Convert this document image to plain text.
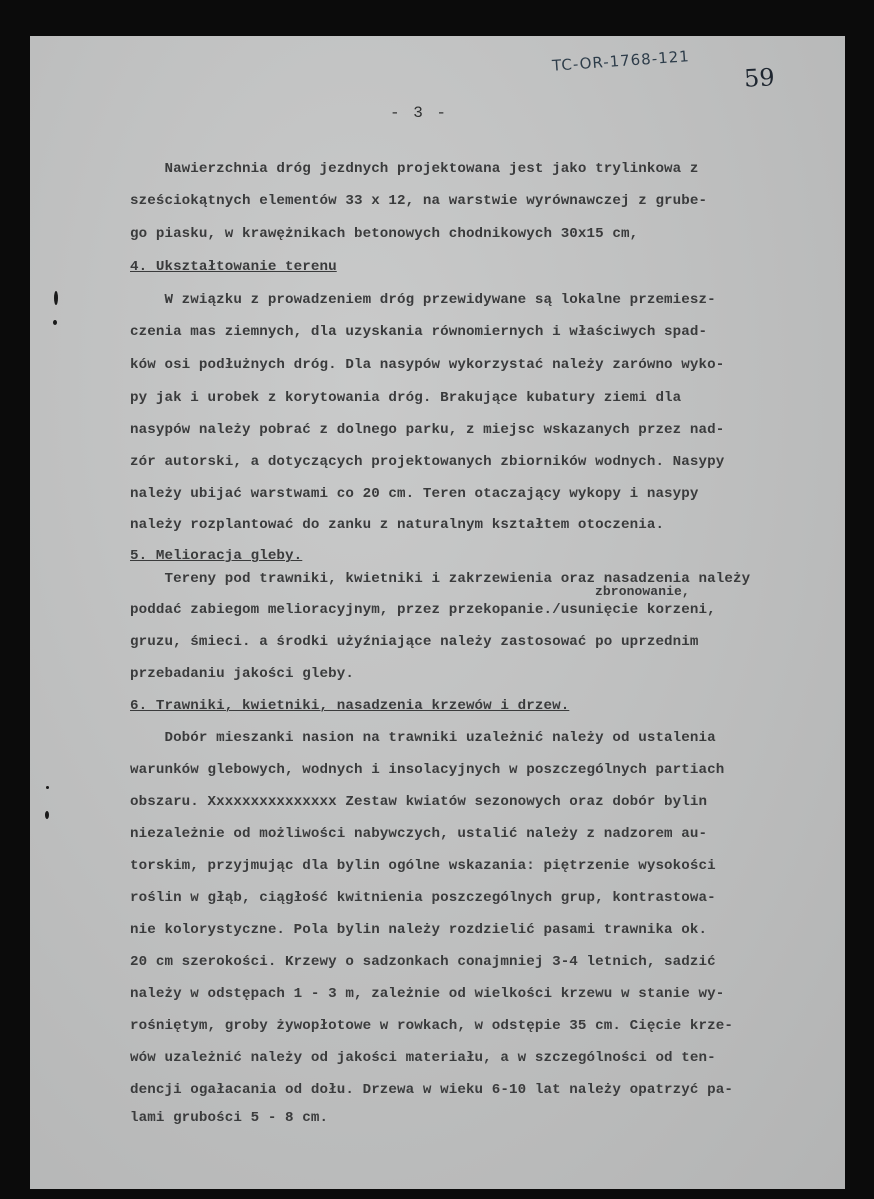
TC-OR-1768-121
59
- 3 -
Nawierzchnia dróg jezdnych projektowana jest jako trylinkowa z
sześciokątnych elementów 33 x 12, na warstwie wyrównawczej z grube-
go piasku, w krawężnikach betonowych chodnikowych 30x15 cm,
4. Ukształtowanie terenu
W związku z prowadzeniem dróg przewidywane są lokalne przemiesz-
czenia mas ziemnych, dla uzyskania równomiernych i właściwych spad-
ków osi podłużnych dróg. Dla nasypów wykorzystać należy zarówno wyko-
py jak i urobek z korytowania dróg. Brakujące kubatury ziemi dla
nasypów należy pobrać z dolnego parku, z miejsc wskazanych przez nad-
zór autorski, a dotyczących projektowanych zbiorników wodnych. Nasypy
należy ubijać warstwami co 20 cm. Teren otaczający wykopy i nasypy
należy rozplantować do zanku z naturalnym kształtem otoczenia.
5. Melioracja gleby.
zbronowanie,
Tereny pod trawniki, kwietniki i zakrzewienia oraz nasadzenia należy
poddać zabiegom melioracyjnym, przez przekopanie./usunięcie korzeni,
gruzu, śmieci. a środki użyźniające należy zastosować po uprzednim
przebadaniu jakości gleby.
6. Trawniki, kwietniki, nasadzenia krzewów i drzew.
Dobór mieszanki nasion na trawniki uzależnić należy od ustalenia
warunków glebowych, wodnych i insolacyjnych w poszczególnych partiach
obszaru. Xxxxxxxxxxxxxxx Zestaw kwiatów sezonowych oraz dobór bylin
niezależnie od możliwości nabywczych, ustalić należy z nadzorem au-
torskim, przyjmując dla bylin ogólne wskazania: piętrzenie wysokości
roślin w głąb, ciągłość kwitnienia poszczególnych grup, kontrastowa-
nie kolorystyczne. Pola bylin należy rozdzielić pasami trawnika ok.
20 cm szerokości. Krzewy o sadzonkach conajmniej 3-4 letnich, sadzić
należy w odstępach 1 - 3 m, zależnie od wielkości krzewu w stanie wy-
rośniętym, groby żywopłotowe w rowkach, w odstępie 35 cm. Cięcie krze-
wów uzależnić należy od jakości materiału, a w szczególności od ten-
dencji ogałacania od dołu. Drzewa w wieku 6-10 lat należy opatrzyć pa-
lami grubości 5 - 8 cm.
